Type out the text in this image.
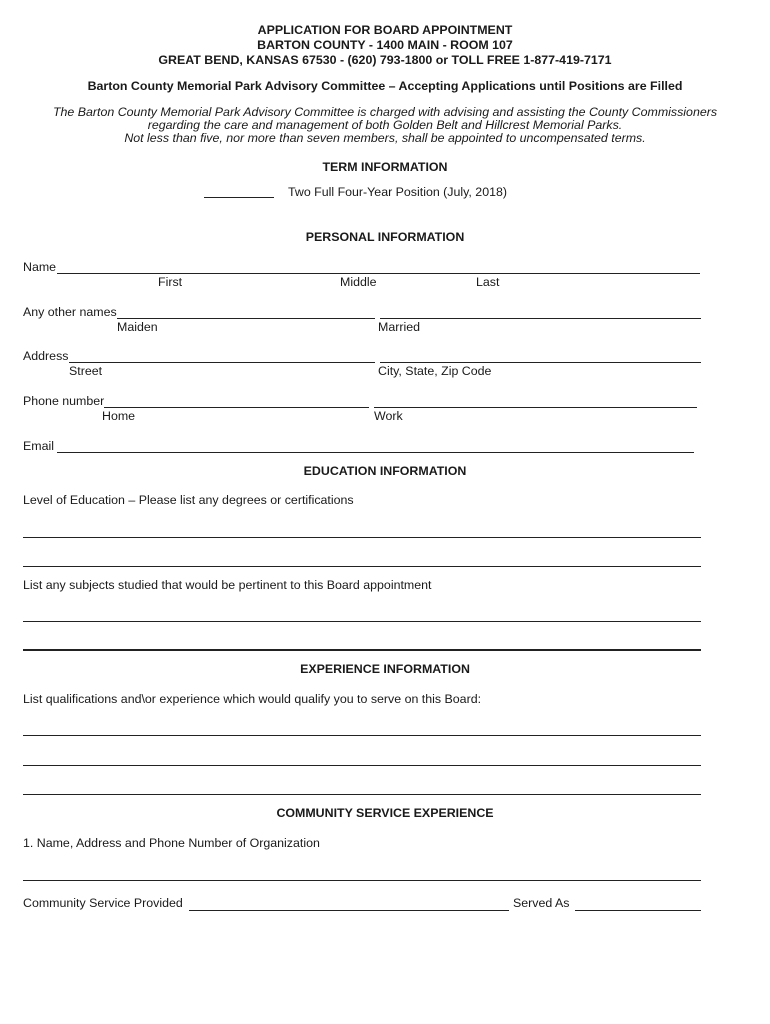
APPLICATION FOR BOARD APPOINTMENT
BARTON COUNTY - 1400 MAIN - ROOM 107
GREAT BEND, KANSAS 67530 - (620) 793-1800 or TOLL FREE 1-877-419-7171
Barton County Memorial Park Advisory Committee – Accepting Applications until Positions are Filled
The Barton County Memorial Park Advisory Committee is charged with advising and assisting the County Commissioners
regarding the care and management of both Golden Belt and Hillcrest Memorial Parks.
Not less than five, nor more than seven members, shall be appointed to uncompensated terms.
TERM INFORMATION
Two Full Four-Year Position (July, 2018)
PERSONAL INFORMATION
Name
First	Middle	Last
Any other names
Maiden	Married
Address
Street	City, State, Zip Code
Phone number
Home	Work
Email
EDUCATION INFORMATION
Level of Education – Please list any degrees or certifications
List any subjects studied that would be pertinent to this Board appointment
EXPERIENCE INFORMATION
List qualifications and\or experience which would qualify you to serve on this Board:
COMMUNITY SERVICE EXPERIENCE
1. Name, Address and Phone Number of Organization
Community Service Provided	Served As
